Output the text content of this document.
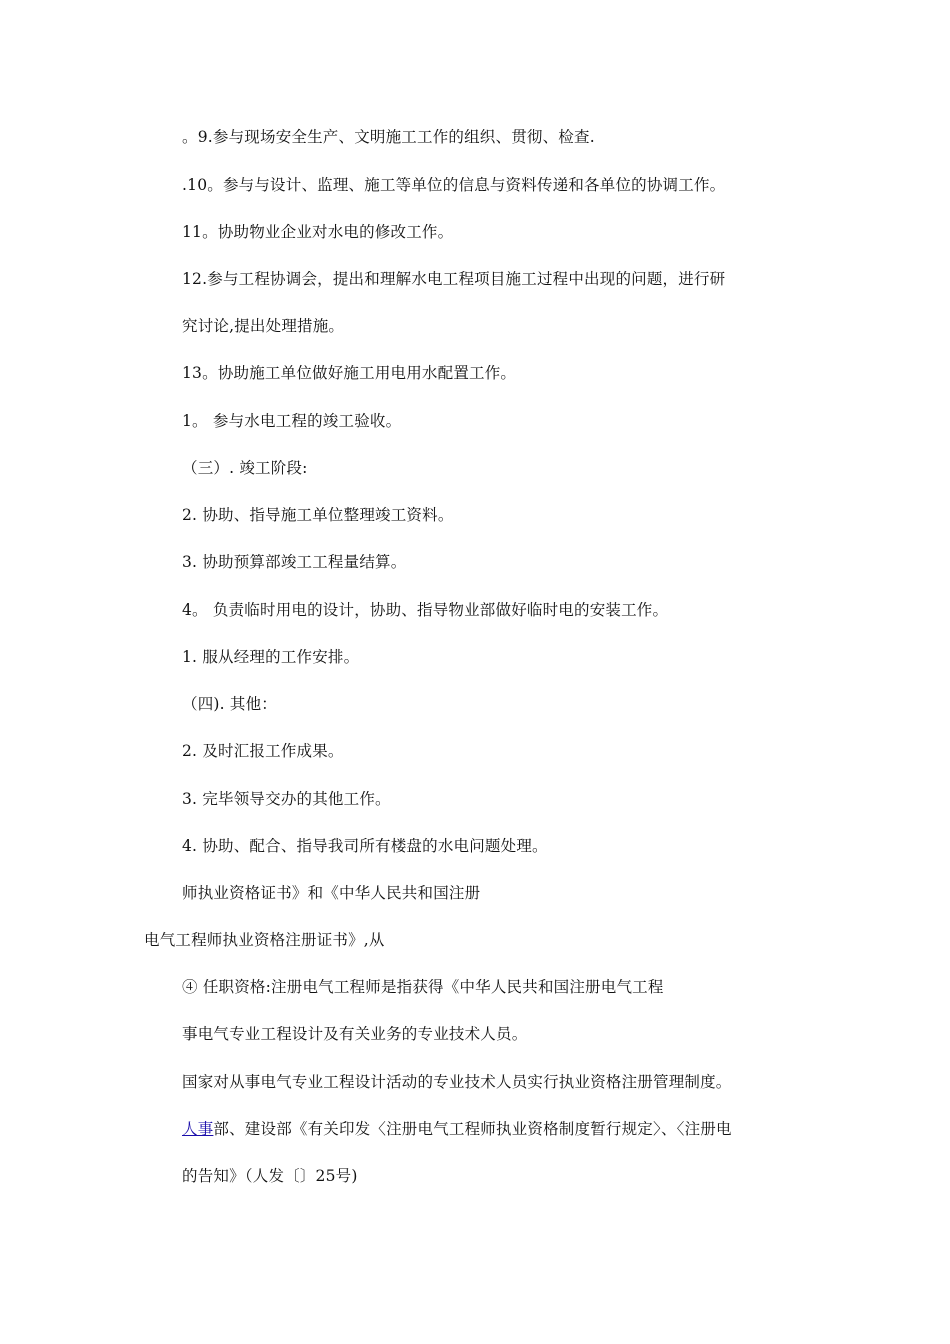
。9.参与现场安全生产、文明施工工作的组织、贯彻、检查.
.10。参与与设计、监理、施工等单位的信息与资料传递和各单位的协调工作。
11。协助物业企业对水电的修改工作。
12.参与工程协调会，提出和理解水电工程项目施工过程中出现的问题，进行研
究讨论,提出处理措施。
13。协助施工单位做好施工用电用水配置工作。
1。 参与水电工程的竣工验收。
（三）. 竣工阶段:
2. 协助、指导施工单位整理竣工资料。
3. 协助预算部竣工工程量结算。
4。 负责临时用电的设计，协助、指导物业部做好临时电的安装工作。
1. 服从经理的工作安排。
（四). 其他：
2. 及时汇报工作成果。
3. 完毕领导交办的其他工作。
4. 协助、配合、指导我司所有楼盘的水电问题处理。
师执业资格证书》和《中华人民共和国注册
电气工程师执业资格注册证书》,从
④ 任职资格:注册电气工程师是指获得《中华人民共和国注册电气工程
事电气专业工程设计及有关业务的专业技术人员。
国家对从事电气专业工程设计活动的专业技术人员实行执业资格注册管理制度。
人事部、建设部《有关印发〈注册电气工程师执业资格制度暂行规定〉、〈注册电
的告知》（人发〔〕25号)
